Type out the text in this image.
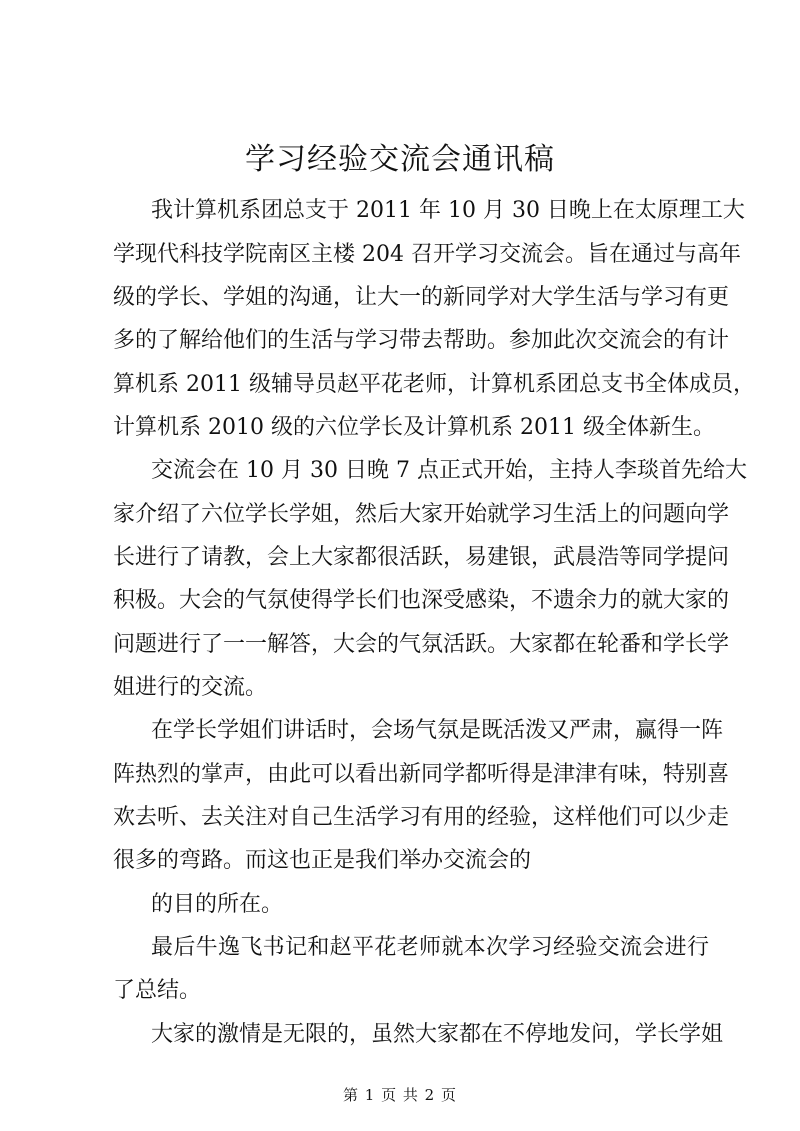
学习经验交流会通讯稿
我计算机系团总支于 2011 年 10 月 30 日晚上在太原理工大
学现代科技学院南区主楼 204 召开学习交流会。旨在通过与高年
级的学长、学姐的沟通，让大一的新同学对大学生活与学习有更
多的了解给他们的生活与学习带去帮助。参加此次交流会的有计
算机系 2011 级辅导员赵平花老师，计算机系团总支书全体成员，
计算机系 2010 级的六位学长及计算机系 2011 级全体新生。
交流会在 10 月 30 日晚 7 点正式开始，主持人李琰首先给大
家介绍了六位学长学姐，然后大家开始就学习生活上的问题向学
长进行了请教，会上大家都很活跃，易建银，武晨浩等同学提问
积极。大会的气氛使得学长们也深受感染，不遗余力的就大家的
问题进行了一一解答，大会的气氛活跃。大家都在轮番和学长学
姐进行的交流。
在学长学姐们讲话时，会场气氛是既活泼又严肃，赢得一阵
阵热烈的掌声，由此可以看出新同学都听得是津津有味，特别喜
欢去听、去关注对自己生活学习有用的经验，这样他们可以少走
很多的弯路。而这也正是我们举办交流会的
的目的所在。
最后牛逸飞书记和赵平花老师就本次学习经验交流会进行
了总结。
大家的激情是无限的，虽然大家都在不停地发问，学长学姐
第 1 页 共 2 页
